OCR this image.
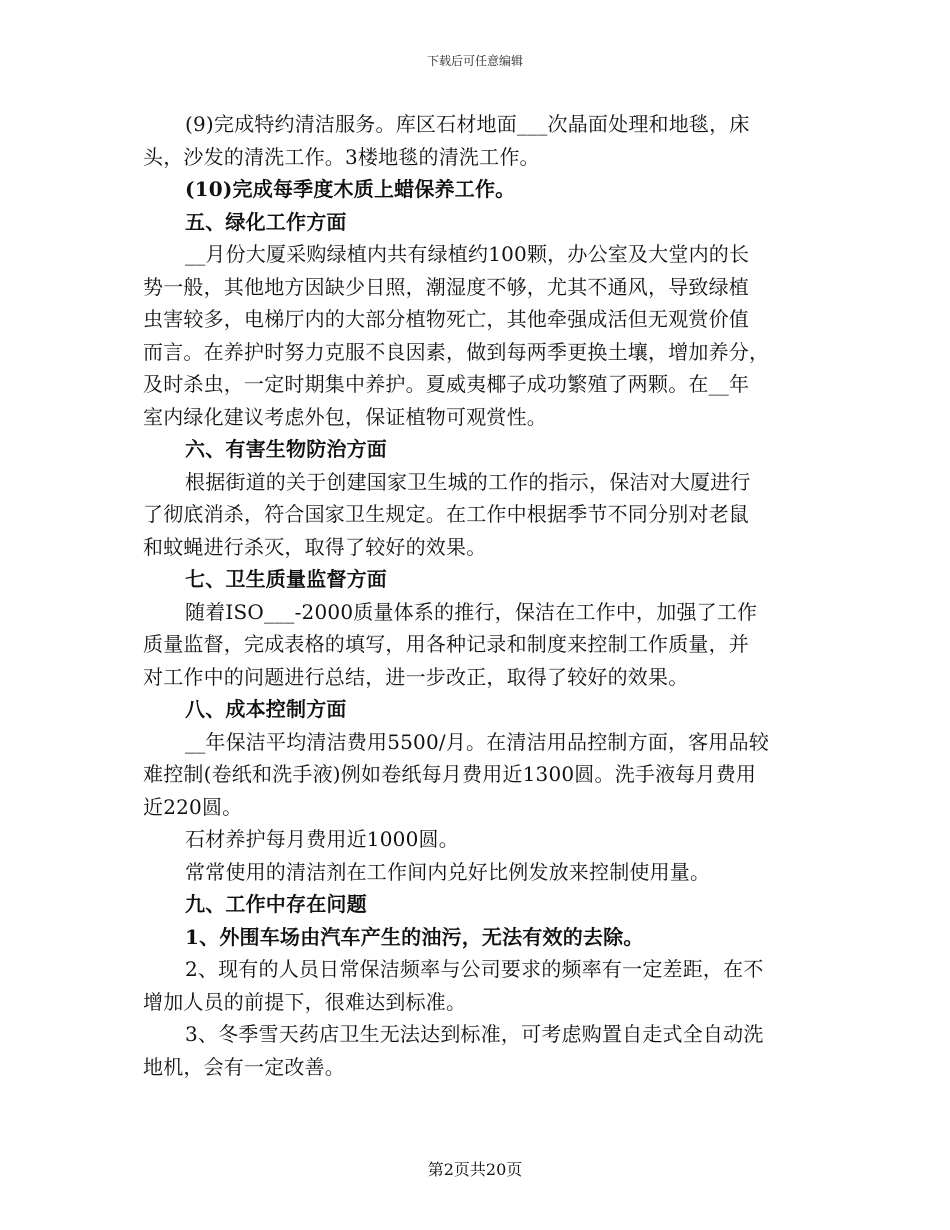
下载后可任意编辑
(9)完成特约清洁服务。库区石材地面___次晶面处理和地毯，床
头，沙发的清洗工作。3楼地毯的清洗工作。
(10)完成每季度木质上蜡保养工作。
五、绿化工作方面
__月份大厦采购绿植内共有绿植约100颗，办公室及大堂内的长
势一般，其他地方因缺少日照，潮湿度不够，尤其不通风，导致绿植
虫害较多，电梯厅内的大部分植物死亡，其他牵强成活但无观赏价值
而言。在养护时努力克服不良因素，做到每两季更换土壤，增加养分，
及时杀虫，一定时期集中养护。夏威夷椰子成功繁殖了两颗。在__年
室内绿化建议考虑外包，保证植物可观赏性。
六、有害生物防治方面
根据街道的关于创建国家卫生城的工作的指示，保洁对大厦进行
了彻底消杀，符合国家卫生规定。在工作中根据季节不同分别对老鼠
和蚊蝇进行杀灭，取得了较好的效果。
七、卫生质量监督方面
随着ISO___-2000质量体系的推行，保洁在工作中，加强了工作
质量监督，完成表格的填写，用各种记录和制度来控制工作质量，并
对工作中的问题进行总结，进一步改正，取得了较好的效果。
八、成本控制方面
__年保洁平均清洁费用5500/月。在清洁用品控制方面，客用品较
难控制(卷纸和洗手液)例如卷纸每月费用近1300圆。洗手液每月费用
近220圆。
石材养护每月费用近1000圆。
常常使用的清洁剂在工作间内兑好比例发放来控制使用量。
九、工作中存在问题
1、外围车场由汽车产生的油污，无法有效的去除。
2、现有的人员日常保洁频率与公司要求的频率有一定差距，在不
增加人员的前提下，很难达到标准。
3、冬季雪天药店卫生无法达到标准，可考虑购置自走式全自动洗
地机，会有一定改善。
第2页共20页
